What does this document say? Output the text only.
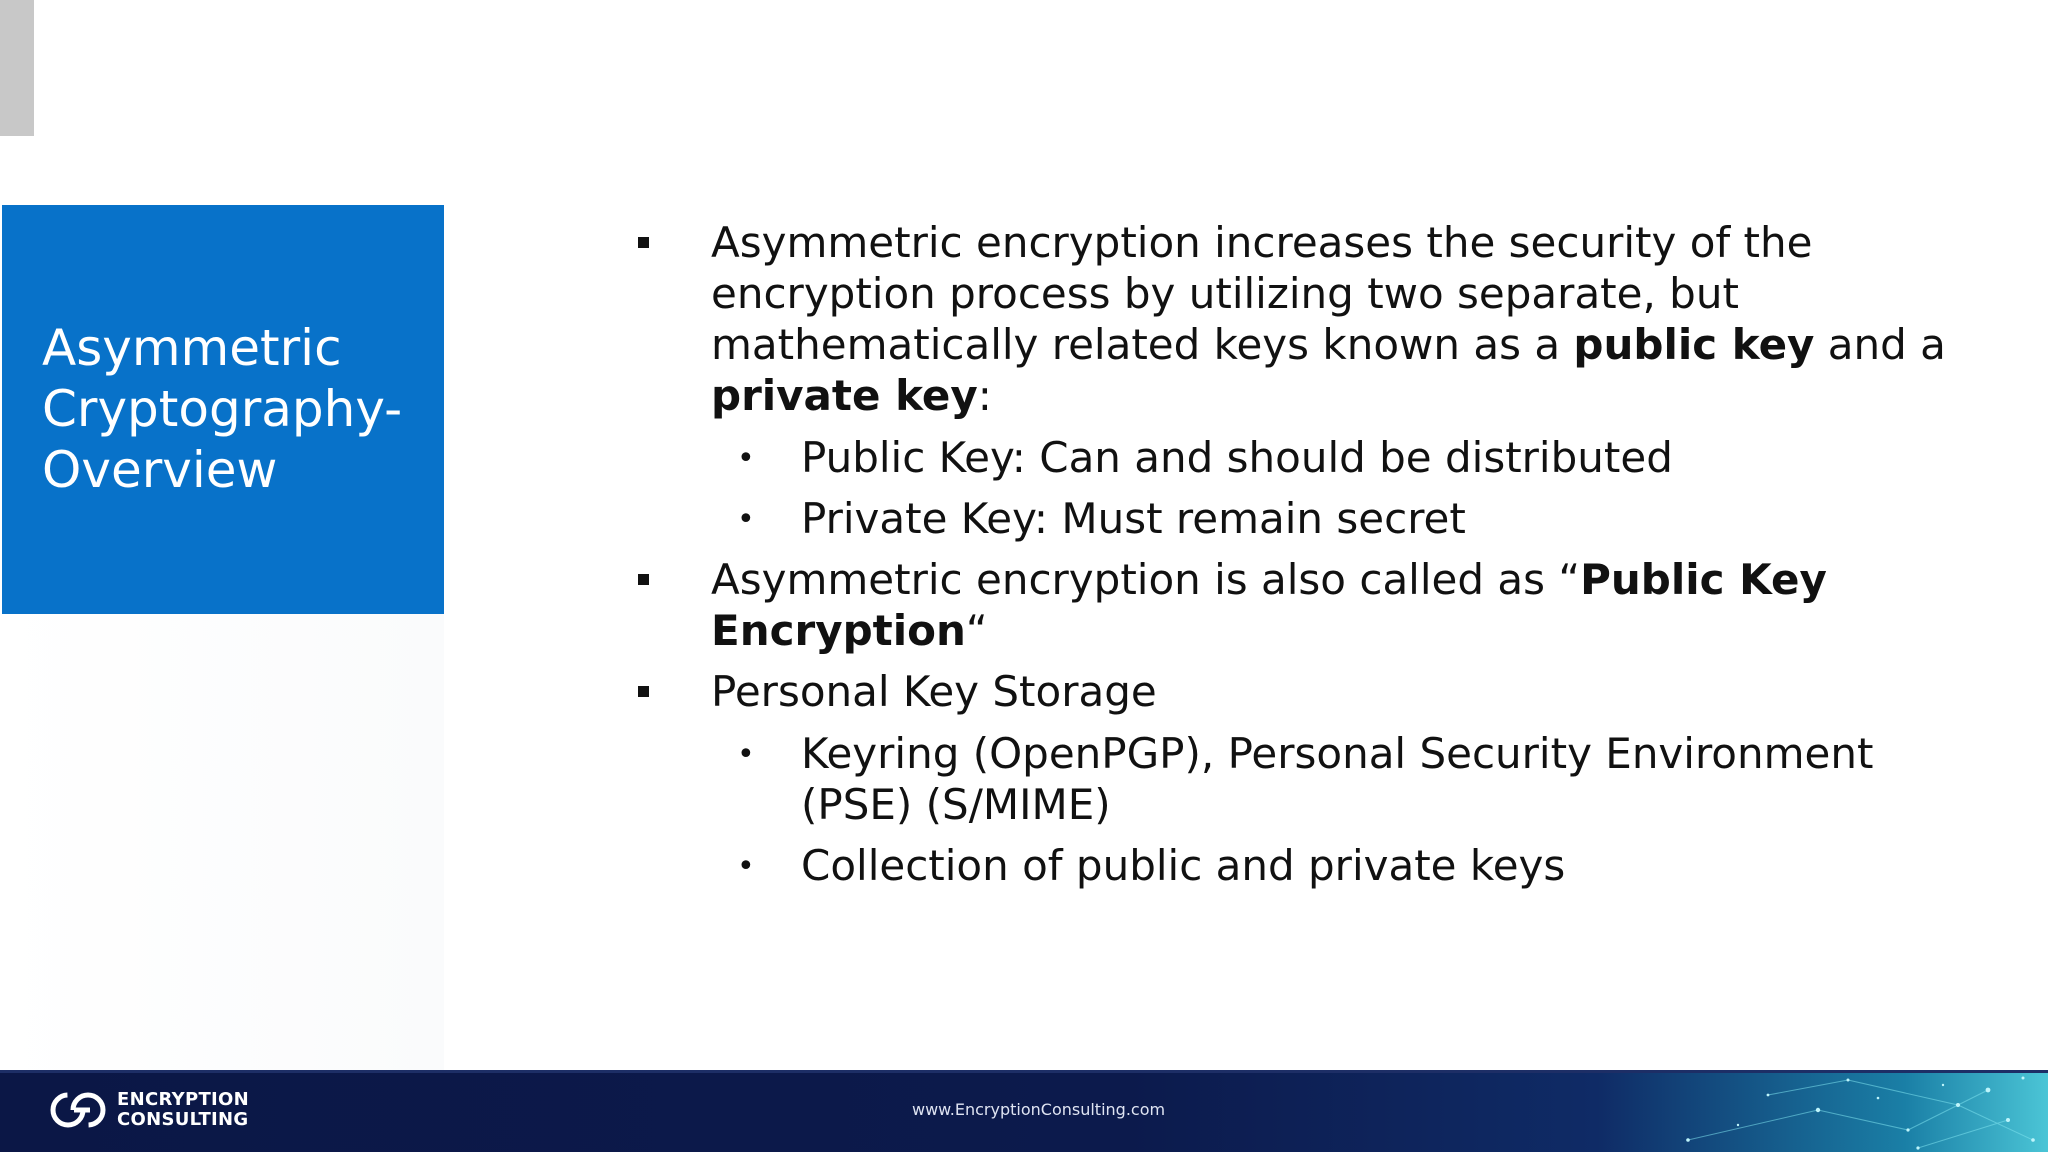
Asymmetric
Cryptography-
Overview
Asymmetric encryption increases the security of the
encryption process by utilizing two separate, but
mathematically related keys known as a public key and a
private key:
• Public Key: Can and should be distributed
• Private Key: Must remain secret
Asymmetric encryption is also called as “Public Key
Encryption“
Personal Key Storage
• Keyring (OpenPGP), Personal Security Environment
(PSE) (S/MIME)
• Collection of public and private keys
ENCRYPTION
CONSULTING	www.EncryptionConsulting.com
